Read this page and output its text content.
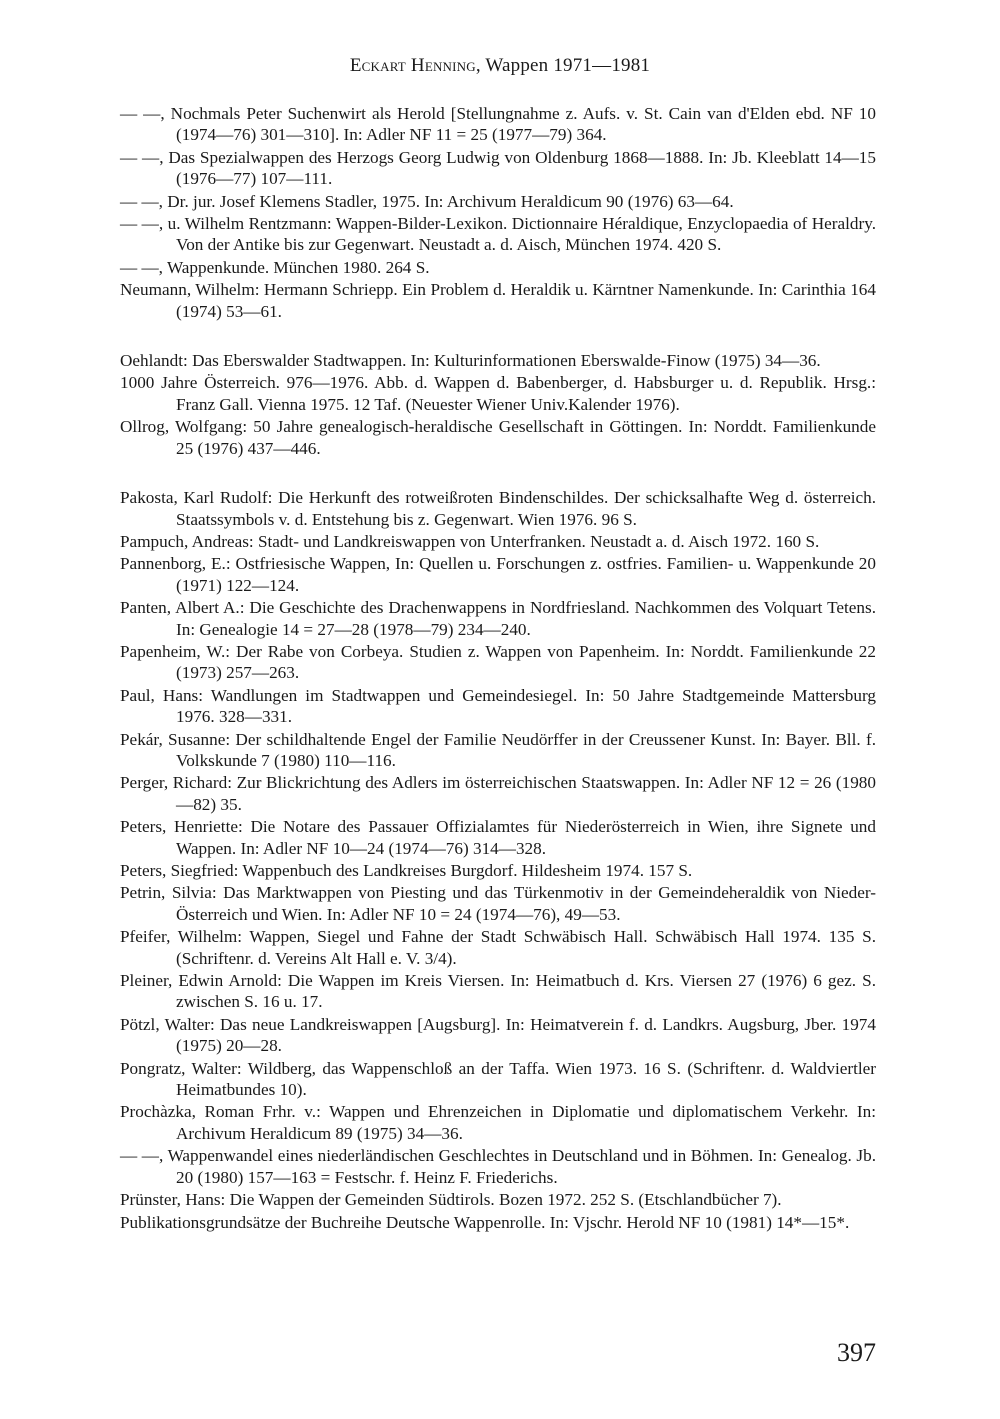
Eckart Henning, Wappen 1971—1981

— —, Nochmals Peter Suchenwirt als Herold [Stellungnahme z. Aufs. v. St. Cain van d'Elden ebd. NF 10 (1974—76) 301—310]. In: Adler NF 11 = 25 (1977—79) 364.

— —, Das Spezialwappen des Herzogs Georg Ludwig von Oldenburg 1868—1888. In: Jb. Kleeblatt 14—15 (1976—77) 107—111.

— —, Dr. jur. Josef Klemens Stadler, 1975. In: Archivum Heraldicum 90 (1976) 63—64.

— —, u. Wilhelm Rentzmann: Wappen-Bilder-Lexikon. Dictionnaire Héraldique, Enzyclopaedia of Heraldry. Von der Antike bis zur Gegenwart. Neustadt a. d. Aisch, München 1974. 420 S.

— —, Wappenkunde. München 1980. 264 S.

Neumann, Wilhelm: Hermann Schriepp. Ein Problem d. Heraldik u. Kärntner Namenkunde. In: Carinthia 164 (1974) 53—61.

Oehlandt: Das Eberswalder Stadtwappen. In: Kulturinformationen Eberswalde-Finow (1975) 34—36.

1000 Jahre Österreich. 976—1976. Abb. d. Wappen d. Babenberger, d. Habsburger u. d. Republik. Hrsg.: Franz Gall. Vienna 1975. 12 Taf. (Neuester Wiener Univ.Kalender 1976).

Ollrog, Wolfgang: 50 Jahre genealogisch-heraldische Gesellschaft in Göttingen. In: Norddt. Familienkunde 25 (1976) 437—446.

Pakosta, Karl Rudolf: Die Herkunft des rotweißroten Bindenschildes. Der schicksalhafte Weg d. österreich. Staatssymbols v. d. Entstehung bis z. Gegenwart. Wien 1976. 96 S.

Pampuch, Andreas: Stadt- und Landkreiswappen von Unterfranken. Neustadt a. d. Aisch 1972. 160 S.

Pannenborg, E.: Ostfriesische Wappen, In: Quellen u. Forschungen z. ostfries. Familien- u. Wappenkunde 20 (1971) 122—124.

Panten, Albert A.: Die Geschichte des Drachenwappens in Nordfriesland. Nachkommen des Volquart Tetens. In: Genealogie 14 = 27—28 (1978—79) 234—240.

Papenheim, W.: Der Rabe von Corbeya. Studien z. Wappen von Papenheim. In: Norddt. Familienkunde 22 (1973) 257—263.

Paul, Hans: Wandlungen im Stadtwappen und Gemeindesiegel. In: 50 Jahre Stadtgemeinde Mattersburg 1976. 328—331.

Pekár, Susanne: Der schildhaltende Engel der Familie Neudörffer in der Creussener Kunst. In: Bayer. Bll. f. Volkskunde 7 (1980) 110—116.

Perger, Richard: Zur Blickrichtung des Adlers im österreichischen Staatswappen. In: Adler NF 12 = 26 (1980—82) 35.

Peters, Henriette: Die Notare des Passauer Offizialamtes für Niederösterreich in Wien, ihre Signete und Wappen. In: Adler NF 10—24 (1974—76) 314—328.

Peters, Siegfried: Wappenbuch des Landkreises Burgdorf. Hildesheim 1974. 157 S.

Petrin, Silvia: Das Marktwappen von Piesting und das Türkenmotiv in der Gemeindeheraldik von Nieder-Österreich und Wien. In: Adler NF 10 = 24 (1974—76), 49—53.

Pfeifer, Wilhelm: Wappen, Siegel und Fahne der Stadt Schwäbisch Hall. Schwäbisch Hall 1974. 135 S. (Schriftenr. d. Vereins Alt Hall e. V. 3/4).

Pleiner, Edwin Arnold: Die Wappen im Kreis Viersen. In: Heimatbuch d. Krs. Viersen 27 (1976) 6 gez. S. zwischen S. 16 u. 17.

Pötzl, Walter: Das neue Landkreiswappen [Augsburg]. In: Heimatverein f. d. Landkrs. Augsburg, Jber. 1974 (1975) 20—28.

Pongratz, Walter: Wildberg, das Wappenschloß an der Taffa. Wien 1973. 16 S. (Schriftenr. d. Waldviertler Heimatbundes 10).

Prochàzka, Roman Frhr. v.: Wappen und Ehrenzeichen in Diplomatie und diplomatischem Verkehr. In: Archivum Heraldicum 89 (1975) 34—36.

— —, Wappenwandel eines niederländischen Geschlechtes in Deutschland und in Böhmen. In: Genealog. Jb. 20 (1980) 157—163 = Festschr. f. Heinz F. Friederichs.

Prünster, Hans: Die Wappen der Gemeinden Südtirols. Bozen 1972. 252 S. (Etschlandbücher 7).

Publikationsgrundsätze der Buchreihe Deutsche Wappenrolle. In: Vjschr. Herold NF 10 (1981) 14*—15*.

397
